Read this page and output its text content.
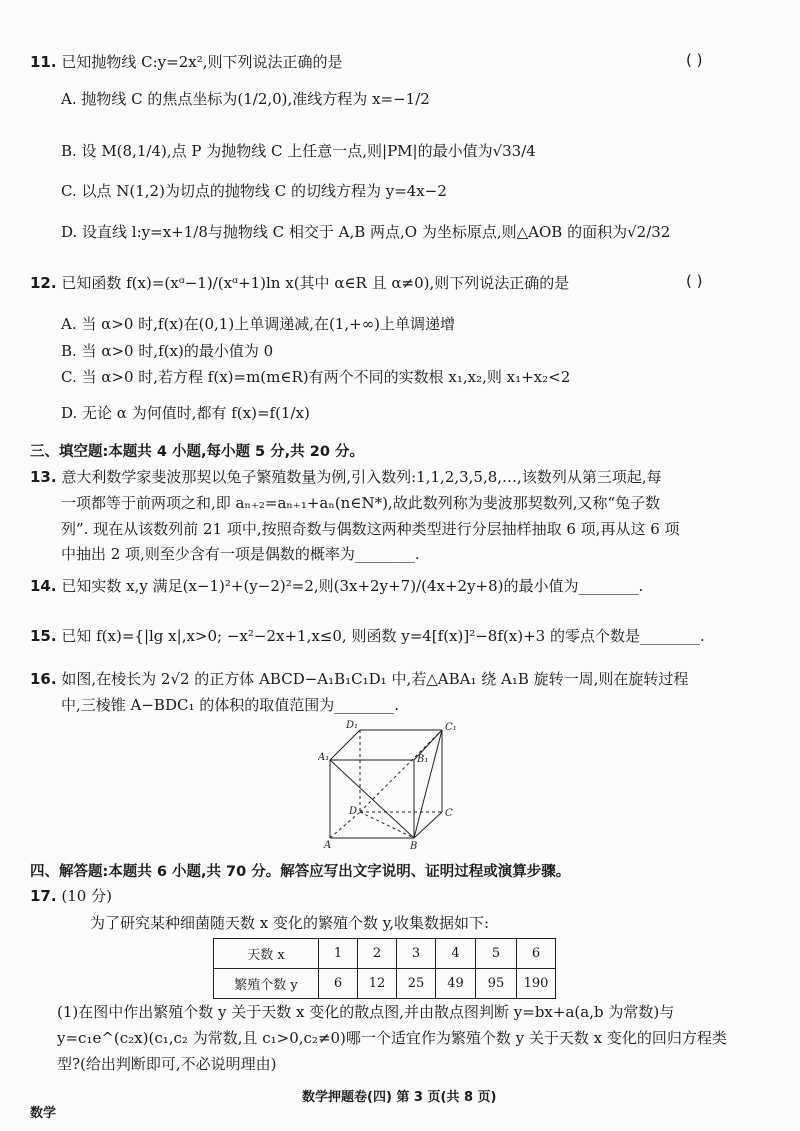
11. 已知抛物线 C:y=2x²,则下列说法正确的是	( )
A. 抛物线 C 的焦点坐标为(1/2,0),准线方程为 x=−1/2
B. 设 M(8,1/4),点 P 为抛物线 C 上任意一点,则|PM|的最小值为√33/4
C. 以点 N(1,2)为切点的抛物线 C 的切线方程为 y=4x−2
D. 设直线 l:y=x+1/8与抛物线 C 相交于 A,B 两点,O 为坐标原点,则△AOB 的面积为√2/32
12. 已知函数 f(x)=(xᵅ−1)/(xᵅ+1)ln x(其中 α∈R 且 α≠0),则下列说法正确的是	( )
A. 当 α>0 时,f(x)在(0,1)上单调递减,在(1,+∞)上单调递增
B. 当 α>0 时,f(x)的最小值为 0
C. 当 α>0 时,若方程 f(x)=m(m∈R)有两个不同的实数根 x₁,x₂,则 x₁+x₂<2
D. 无论 α 为何值时,都有 f(x)=f(1/x)
三、填空题:本题共 4 小题,每小题 5 分,共 20 分。
13. 意大利数学家斐波那契以兔子繁殖数量为例,引入数列:1,1,2,3,5,8,…,该数列从第三项起,每
一项都等于前两项之和,即 aₙ₊₂=aₙ₊₁+aₙ(n∈N*),故此数列称为斐波那契数列,又称“兔子数
列”. 现在从该数列前 21 项中,按照奇数与偶数这两种类型进行分层抽样抽取 6 项,再从这 6 项
中抽出 2 项,则至少含有一项是偶数的概率为________.
14. 已知实数 x,y 满足(x−1)²+(y−2)²=2,则(3x+2y+7)/(4x+2y+8)的最小值为________.
15. 已知 f(x)={|lg x|,x>0; −x²−2x+1,x≤0, 则函数 y=4[f(x)]²−8f(x)+3 的零点个数是________.
16. 如图,在棱长为 2√2 的正方体 ABCD−A₁B₁C₁D₁ 中,若△ABA₁ 绕 A₁B 旋转一周,则在旋转过程
中,三棱锥 A−BDC₁ 的体积的取值范围为________.
D₁	C₁
A₁	B₁
D	C
A	B
四、解答题:本题共 6 小题,共 70 分。解答应写出文字说明、证明过程或演算步骤。
17. (10 分)
为了研究某种细菌随天数 x 变化的繁殖个数 y,收集数据如下:
天数 x	1	2	3	4	5	6
繁殖个数 y	6	12	25	49	95	190
(1)在图中作出繁殖个数 y 关于天数 x 变化的散点图,并由散点图判断 y=bx+a(a,b 为常数)与
y=c₁e^(c₂x)(c₁,c₂ 为常数,且 c₁>0,c₂≠0)哪一个适宜作为繁殖个数 y 关于天数 x 变化的回归方程类
型?(给出判断即可,不必说明理由)
数学押题卷(四) 第 3 页(共 8 页)
数学
